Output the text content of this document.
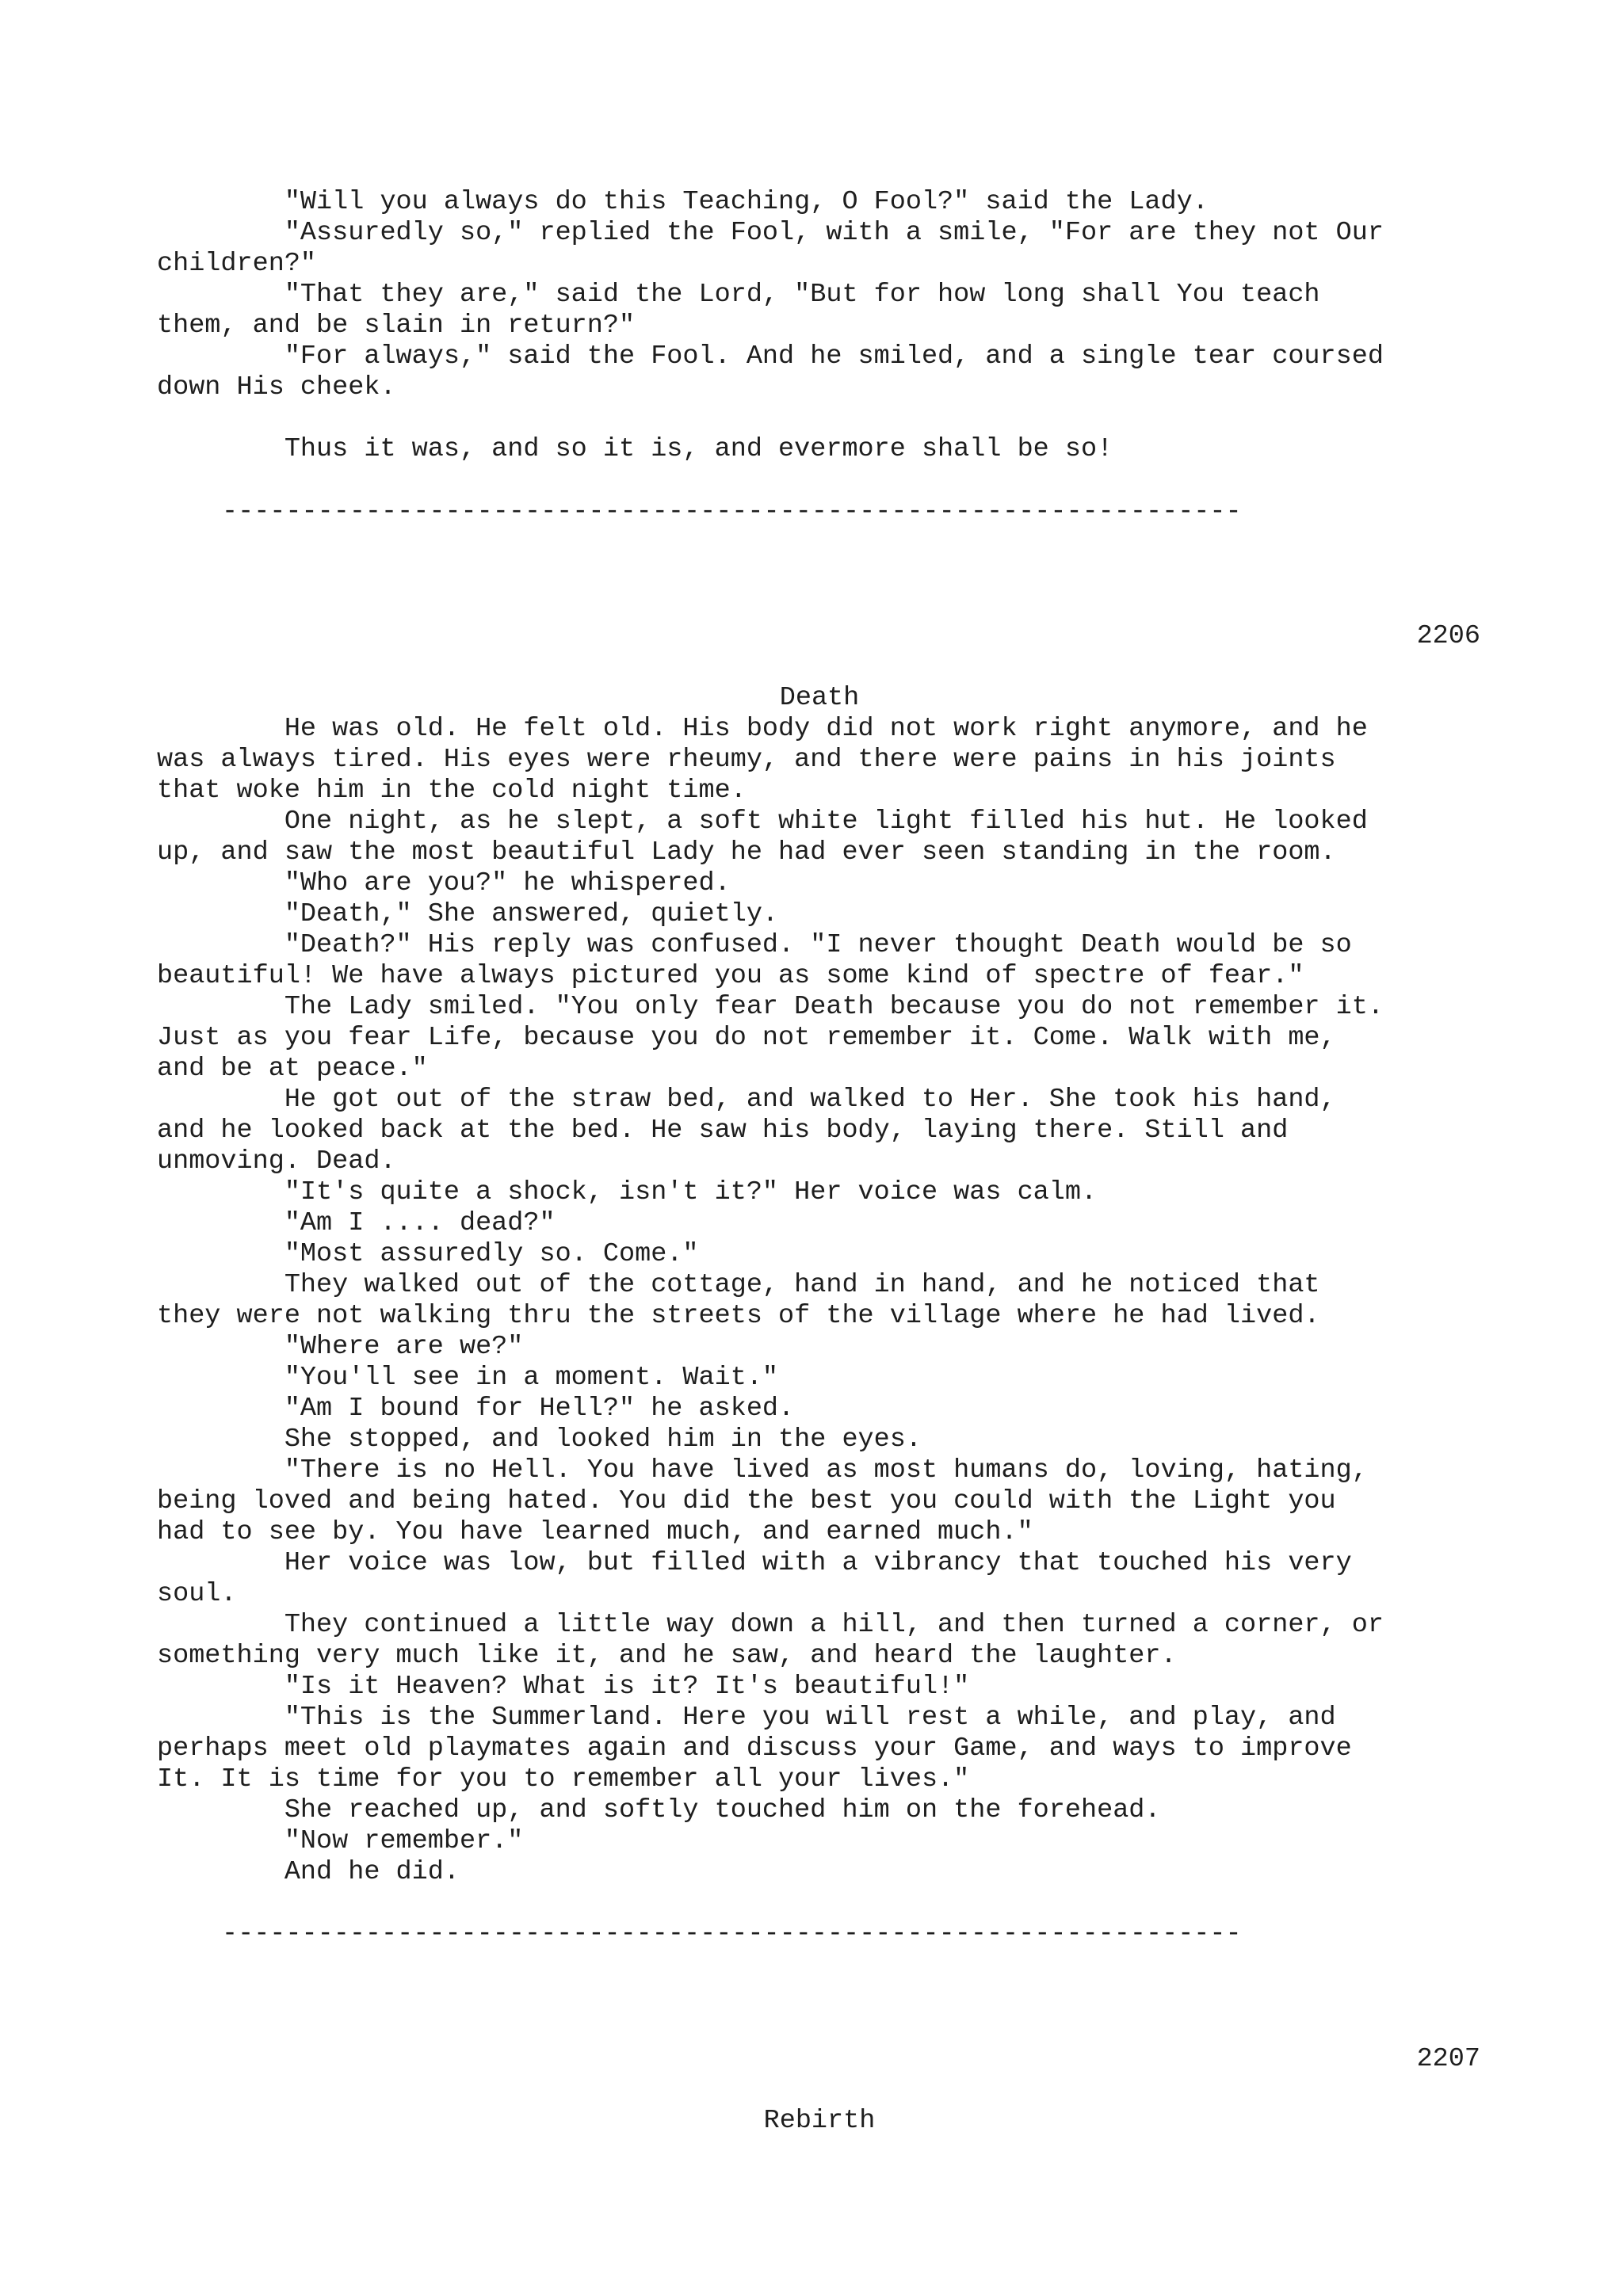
"Will you always do this Teaching, O Fool?" said the Lady.
"Assuredly so," replied the Fool, with a smile, "For are they not Our
children?"
"That they are," said the Lord, "But for how long shall You teach
them, and be slain in return?"
"For always," said the Fool. And he smiled, and a single tear coursed
down His cheek.
Thus it was, and so it is, and evermore shall be so!
----------------------------------------------------------------
2206
Death
He was old. He felt old. His body did not work right anymore, and he
was always tired. His eyes were rheumy, and there were pains in his joints
that woke him in the cold night time.
One night, as he slept, a soft white light filled his hut. He looked
up, and saw the most beautiful Lady he had ever seen standing in the room.
"Who are you?" he whispered.
"Death," She answered, quietly.
"Death?" His reply was confused. "I never thought Death would be so
beautiful! We have always pictured you as some kind of spectre of fear."
The Lady smiled. "You only fear Death because you do not remember it.
Just as you fear Life, because you do not remember it. Come. Walk with me,
and be at peace."
He got out of the straw bed, and walked to Her. She took his hand,
and he looked back at the bed. He saw his body, laying there. Still and
unmoving. Dead.
"It's quite a shock, isn't it?" Her voice was calm.
"Am I .... dead?"
"Most assuredly so. Come."
They walked out of the cottage, hand in hand, and he noticed that
they were not walking thru the streets of the village where he had lived.
"Where are we?"
"You'll see in a moment. Wait."
"Am I bound for Hell?" he asked.
She stopped, and looked him in the eyes.
"There is no Hell. You have lived as most humans do, loving, hating,
being loved and being hated. You did the best you could with the Light you
had to see by. You have learned much, and earned much."
Her voice was low, but filled with a vibrancy that touched his very
soul.
They continued a little way down a hill, and then turned a corner, or
something very much like it, and he saw, and heard the laughter.
"Is it Heaven? What is it? It's beautiful!"
"This is the Summerland. Here you will rest a while, and play, and
perhaps meet old playmates again and discuss your Game, and ways to improve
It. It is time for you to remember all your lives."
She reached up, and softly touched him on the forehead.
"Now remember."
And he did.
----------------------------------------------------------------
2207
Rebirth
